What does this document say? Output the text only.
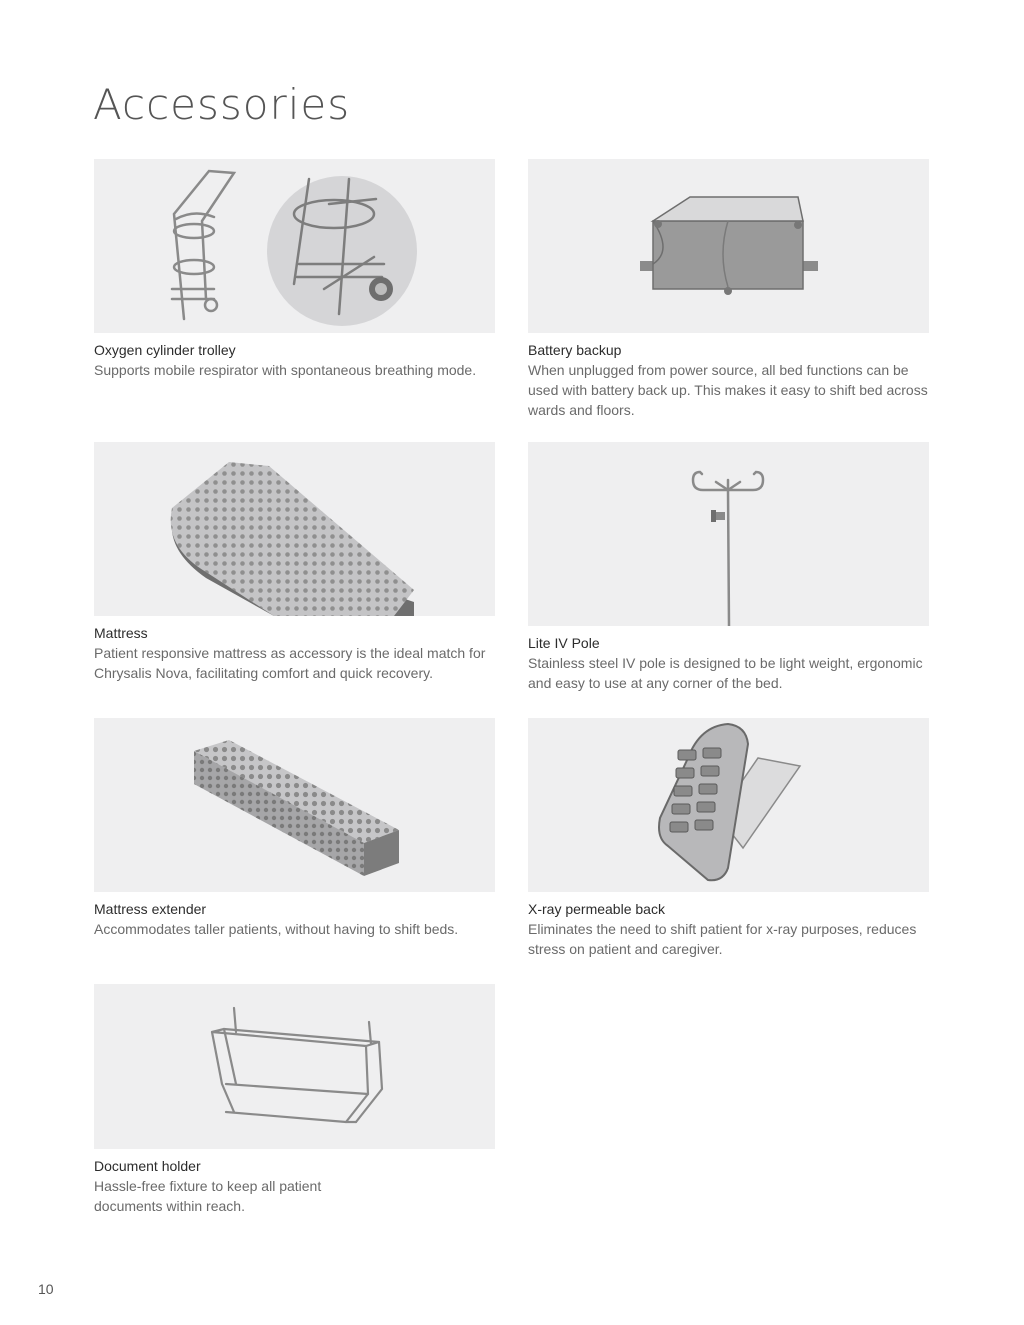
Accessories
Oxygen cylinder trolley
Supports mobile respirator with spontaneous breathing mode.
Battery backup
When unplugged from power source, all bed functions can be used with battery back up. This makes it easy to shift bed across wards and floors.
Mattress
Patient responsive mattress as accessory is the ideal match for Chrysalis Nova, facilitating comfort and quick recovery.
Lite IV Pole
Stainless steel IV pole is designed to be light weight, ergonomic and easy to use at any corner of the bed.
Mattress extender
Accommodates taller patients, without having to shift beds.
X-ray permeable back
Eliminates the need to shift patient for x-ray purposes, reduces stress on patient and caregiver.
Document holder
Hassle-free fixture to keep all patient documents within reach.
10
